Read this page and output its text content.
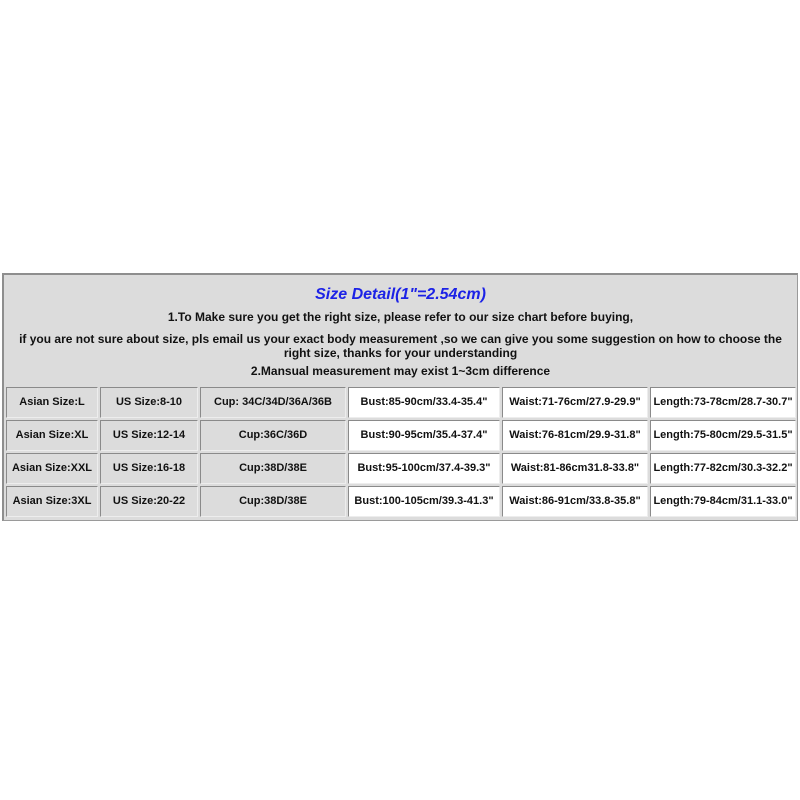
Size Detail(1"=2.54cm)
1.To Make sure you get the right size, please refer to our size chart before buying,
if you are not sure about size, pls email us your exact body measurement ,so we can give you some suggestion on how to choose the right size, thanks for your understanding
2.Mansual measurement may exist 1~3cm difference
Asian Size:L	US Size:8-10	Cup: 34C/34D/36A/36B	Bust:85-90cm/33.4-35.4"	Waist:71-76cm/27.9-29.9"	Length:73-78cm/28.7-30.7"
Asian Size:XL	US Size:12-14	Cup:36C/36D	Bust:90-95cm/35.4-37.4"	Waist:76-81cm/29.9-31.8"	Length:75-80cm/29.5-31.5"
Asian Size:XXL	US Size:16-18	Cup:38D/38E	Bust:95-100cm/37.4-39.3"	Waist:81-86cm31.8-33.8"	Length:77-82cm/30.3-32.2"
Asian Size:3XL	US Size:20-22	Cup:38D/38E	Bust:100-105cm/39.3-41.3"	Waist:86-91cm/33.8-35.8"	Length:79-84cm/31.1-33.0"
